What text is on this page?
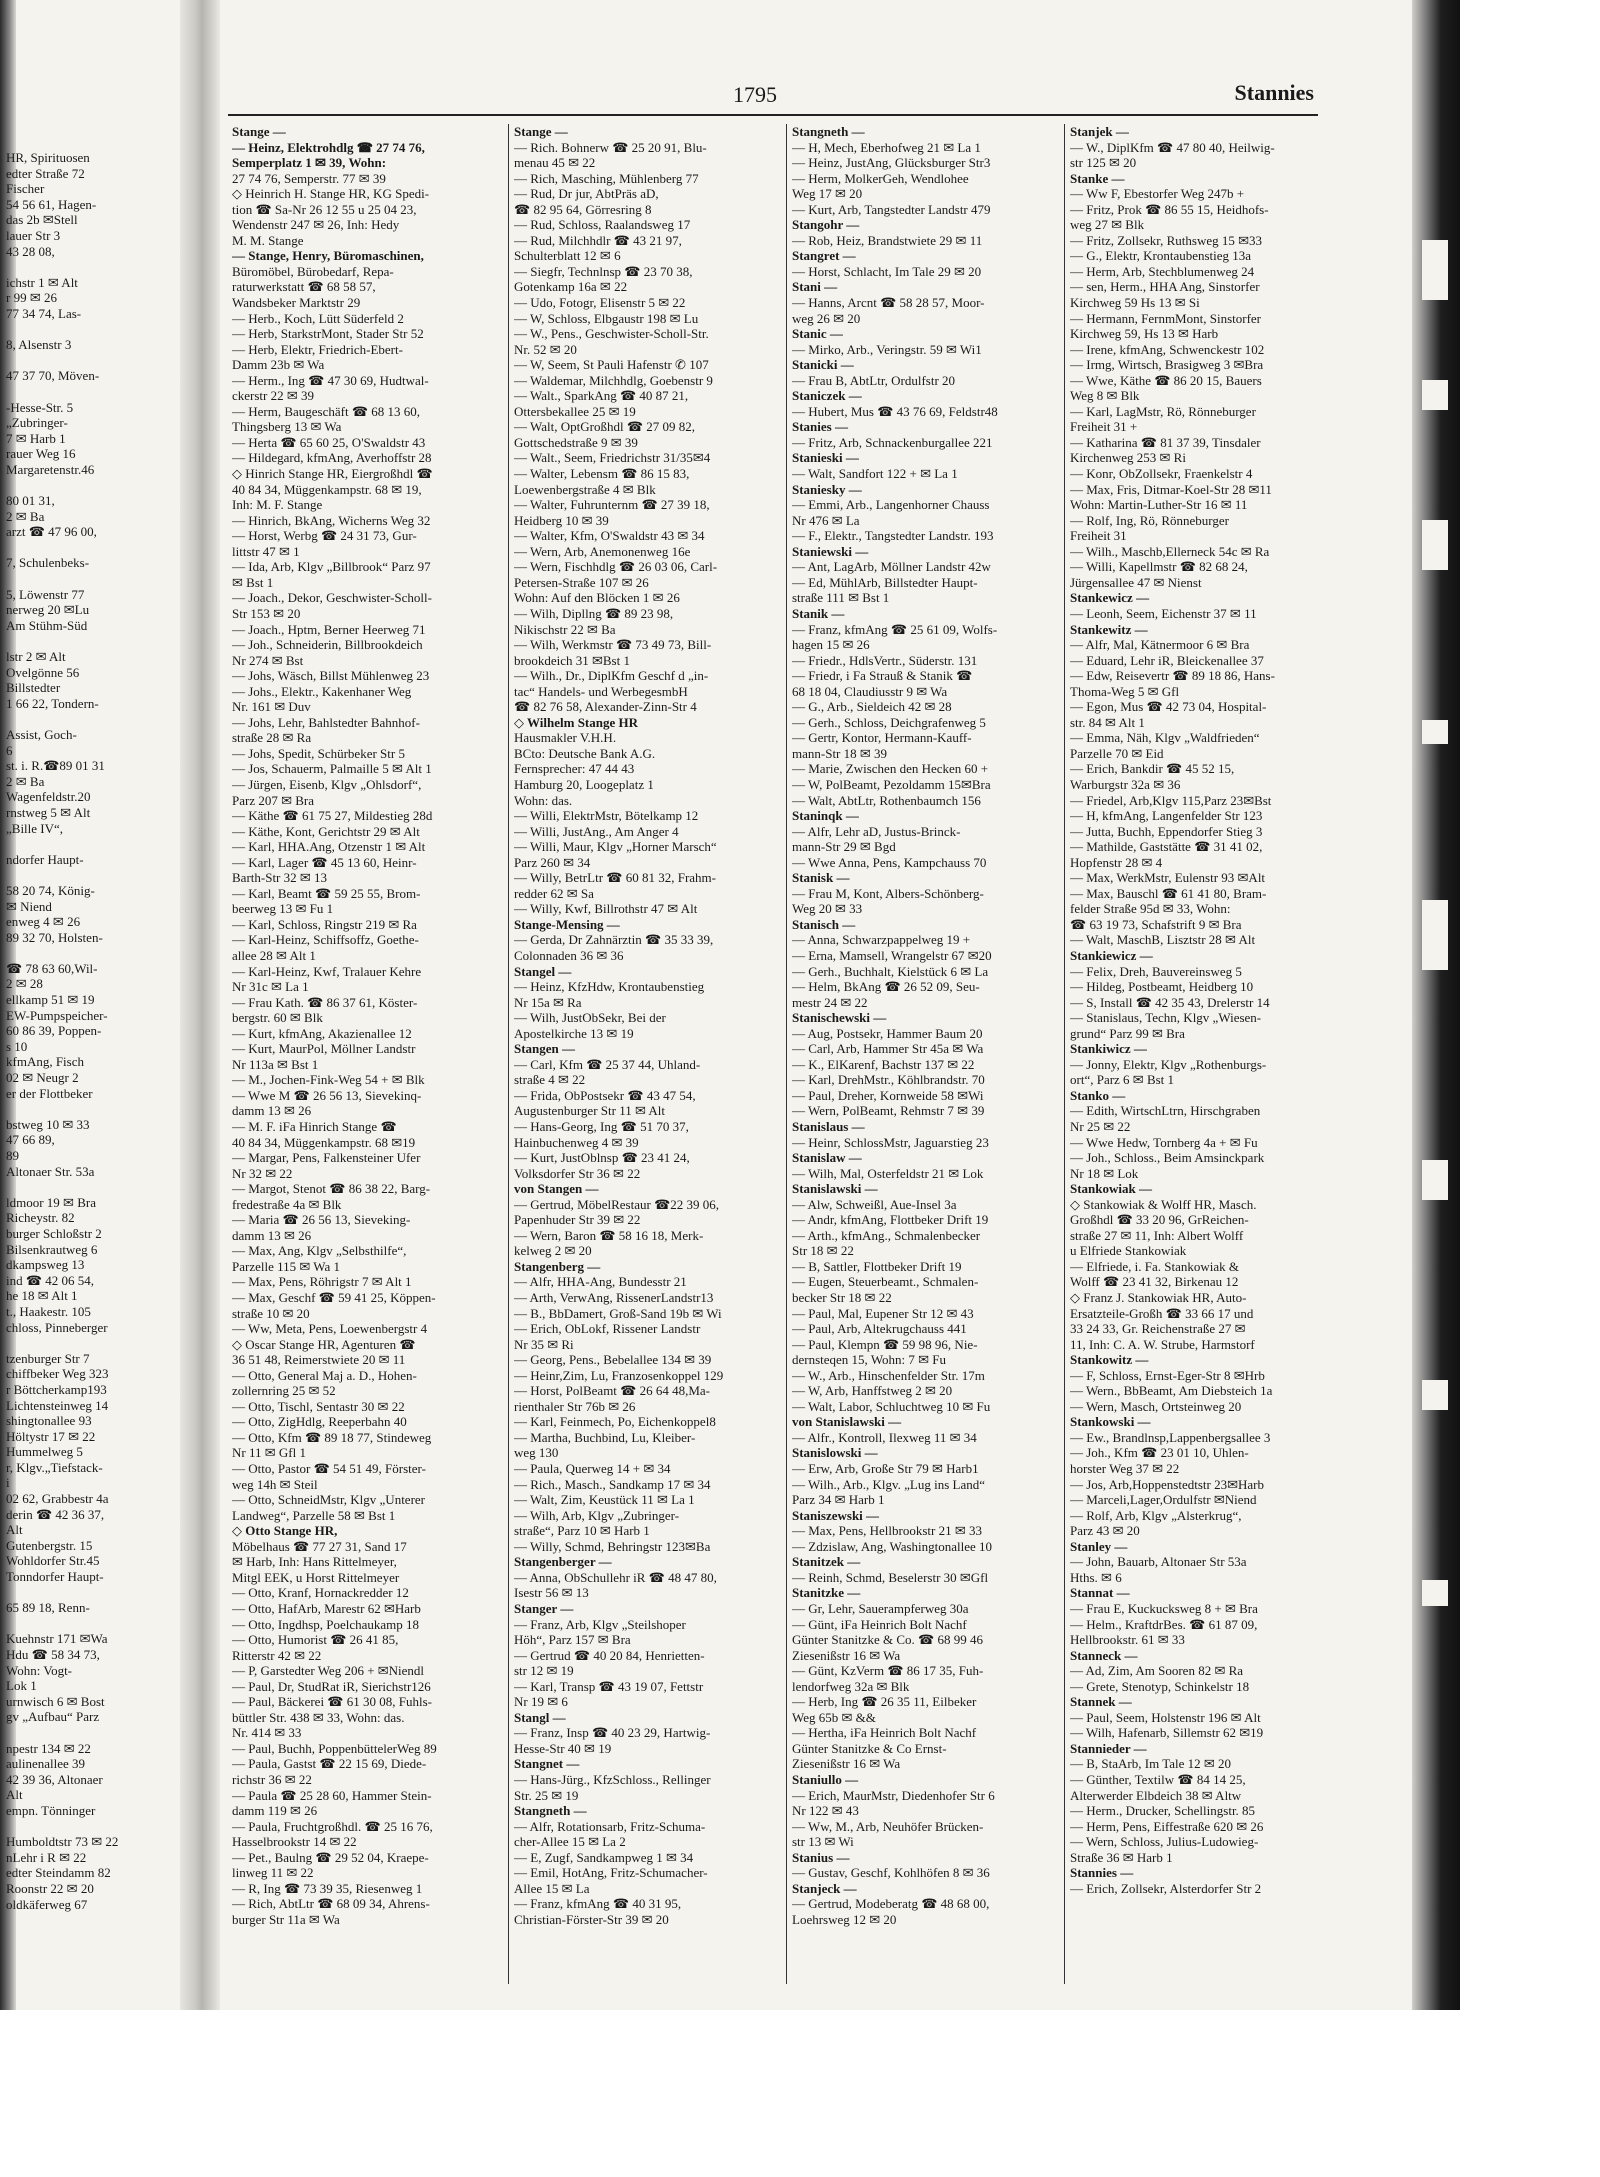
HR, Spirituosen
edter Straße 72
Fischer
54 56 61, Hagen-
das 2b ✉Stell
lauer Str 3
43 28 08,

ichstr 1 ✉ Alt
r 99 ✉ 26
77 34 74, Las-

8, Alsenstr 3

47 37 70, Möven-

-Hesse-Str. 5
„Zubringer-
7 ✉ Harb 1
rauer Weg 16
Margaretenstr.46

80 01 31,
2 ✉ Ba
arzt ☎ 47 96 00,

7, Schulenbeks-

5, Löwenstr 77
nerweg 20 ✉Lu
Am Stühm-Süd

lstr 2 ✉ Alt
Ovelgönne 56
Billstedter
1 66 22, Tondern-

Assist, Goch-
6
st. i. R.☎89 01 31
2 ✉ Ba
Wagenfeldstr.20
rnstweg 5 ✉ Alt
„Bille IV“,

ndorfer Haupt-

58 20 74, König-
✉ Niend
enweg 4 ✉ 26
89 32 70, Holsten-

☎ 78 63 60,Wil-
2 ✉ 28
ellkamp 51 ✉ 19
EW-Pumpspeicher-
60 86 39, Poppen-
s 10
kfmAng, Fisch
02 ✉ Neugr 2
er der Flottbeker

bstweg 10 ✉ 33
47 66 89,
89
Altonaer Str. 53a

ldmoor 19 ✉ Bra
Richeystr. 82
burger Schloßstr 2
Bilsenkrautweg 6
dkampsweg 13
ind ☎ 42 06 54,
he 18 ✉ Alt 1
t., Haakestr. 105
chloss, Pinneberger

tzenburger Str 7
chiffbeker Weg 323
r Böttcherkamp193
Lichtensteinweg 14
shingtonallee 93
Höltystr 17 ✉ 22
Hummelweg 5
r, Klgv.„Tiefstack-
i
02 62, Grabbestr 4a
derin ☎ 42 36 37,
Alt
Gutenbergstr. 15
Wohldorfer Str.45
Tonndorfer Haupt-

65 89 18, Renn-

Kuehnstr 171 ✉Wa
Hdu ☎ 58 34 73,
Wohn: Vogt-
Lok 1
urnwisch 6 ✉ Bost
gv „Aufbau“ Parz

npestr 134 ✉ 22
aulinenallee 39
42 39 36, Altonaer
Alt
empn. Tönninger

Humboldtstr 73 ✉ 22
nLehr i R ✉ 22
edter Steindamm 82
Roonstr 22 ✉ 20
oldkäferweg 67
1795	Stannies
Stange —
— Heinz, Elektrohdlg ☎ 27 74 76,
Semperplatz 1 ✉ 39, Wohn:
27 74 76, Semperstr. 77 ✉ 39
◇ Heinrich H. Stange HR, KG Spedi-
tion ☎ Sa-Nr 26 12 55 u 25 04 23,
Wendenstr 247 ✉ 26, Inh: Hedy
M. M. Stange
— Stange, Henry, Büromaschinen,
Büromöbel, Bürobedarf, Repa-
raturwerkstatt ☎ 68 58 57,
Wandsbeker Marktstr 29
— Herb., Koch, Lütt Süderfeld 2
— Herb, StarkstrMont, Stader Str 52
— Herb, Elektr, Friedrich-Ebert-
Damm 23b ✉ Wa
— Herm., Ing ☎ 47 30 69, Hudtwal-
ckerstr 22 ✉ 39
— Herm, Baugeschäft ☎ 68 13 60,
Thingsberg 13 ✉ Wa
— Herta ☎ 65 60 25, O'Swaldstr 43
— Hildegard, kfmAng, Averhoffstr 28
◇ Hinrich Stange HR, Eiergroßhdl ☎
40 84 34, Müggenkampstr. 68 ✉ 19,
Inh: M. F. Stange
— Hinrich, BkAng, Wicherns Weg 32
— Horst, Werbg ☎ 24 31 73, Gur-
littstr 47 ✉ 1
— Ida, Arb, Klgv „Billbrook“ Parz 97
✉ Bst 1
— Joach., Dekor, Geschwister-Scholl-
Str 153 ✉ 20
— Joach., Hptm, Berner Heerweg 71
— Joh., Schneiderin, Billbrookdeich
Nr 274 ✉ Bst
— Johs, Wäsch, Billst Mühlenweg 23
— Johs., Elektr., Kakenhaner Weg
Nr. 161 ✉ Duv
— Johs, Lehr, Bahlstedter Bahnhof-
straße 28 ✉ Ra
— Johs, Spedit, Schürbeker Str 5
— Jos, Schauerm, Palmaille 5 ✉ Alt 1
— Jürgen, Eisenb, Klgv „Ohlsdorf“,
Parz 207 ✉ Bra
— Käthe ☎ 61 75 27, Mildestieg 28d
— Käthe, Kont, Gerichtstr 29 ✉ Alt
— Karl, HHA.Ang, Otzenstr 1 ✉ Alt
— Karl, Lager ☎ 45 13 60, Heinr-
Barth-Str 32 ✉ 13
— Karl, Beamt ☎ 59 25 55, Brom-
beerweg 13 ✉ Fu 1
— Karl, Schloss, Ringstr 219 ✉ Ra
— Karl-Heinz, Schiffsoffz, Goethe-
allee 28 ✉ Alt 1
— Karl-Heinz, Kwf, Tralauer Kehre
Nr 31c ✉ La 1
— Frau Kath. ☎ 86 37 61, Köster-
bergstr. 60 ✉ Blk
— Kurt, kfmAng, Akazienallee 12
— Kurt, MaurPol, Möllner Landstr
Nr 113a ✉ Bst 1
— M., Jochen-Fink-Weg 54 + ✉ Blk
— Wwe M ☎ 26 56 13, Sievekinq-
damm 13 ✉ 26
— M. F. iFa Hinrich Stange ☎
40 84 34, Müggenkampstr. 68 ✉19
— Margar, Pens, Falkensteiner Ufer
Nr 32 ✉ 22
— Margot, Stenot ☎ 86 38 22, Barg-
fredestraße 4a ✉ Blk
— Maria ☎ 26 56 13, Sieveking-
damm 13 ✉ 26
— Max, Ang, Klgv „Selbsthilfe“,
Parzelle 115 ✉ Wa 1
— Max, Pens, Röhrigstr 7 ✉ Alt 1
— Max, Geschf ☎ 59 41 25, Köppen-
straße 10 ✉ 20
— Ww, Meta, Pens, Loewenbergstr 4
◇ Oscar Stange HR, Agenturen ☎
36 51 48, Reimerstwiete 20 ✉ 11
— Otto, General Maj a. D., Hohen-
zollernring 25 ✉ 52
— Otto, Tischl, Sentastr 30 ✉ 22
— Otto, ZigHdlg, Reeperbahn 40
— Otto, Kfm ☎ 89 18 77, Stindeweg
Nr 11 ✉ Gfl 1
— Otto, Pastor ☎ 54 51 49, Förster-
weg 14h ✉ Steil
— Otto, SchneidMstr, Klgv „Unterer
Landweg“, Parzelle 58 ✉ Bst 1
◇ Otto Stange HR,
Möbelhaus ☎ 77 27 31, Sand 17
✉ Harb, Inh: Hans Rittelmeyer,
Mitgl EEK, u Horst Rittelmeyer
— Otto, Kranf, Hornackredder 12
— Otto, HafArb, Marestr 62 ✉Harb
— Otto, Ingdhsp, Poelchaukamp 18
— Otto, Humorist ☎ 26 41 85,
Ritterstr 42 ✉ 22
— P, Garstedter Weg 206 + ✉Niendl
— Paul, Dr, StudRat iR, Sierichstr126
— Paul, Bäckerei ☎ 61 30 08, Fuhls-
büttler Str. 438 ✉ 33, Wohn: das.
Nr. 414 ✉ 33
— Paul, Buchh, PoppenbüttelerWeg 89
— Paula, Gastst ☎ 22 15 69, Diede-
richstr 36 ✉ 22
— Paula ☎ 25 28 60, Hammer Stein-
damm 119 ✉ 26
— Paula, Fruchtgroßhdl. ☎ 25 16 76,
Hasselbrookstr 14 ✉ 22
— Pet., Baulng ☎ 29 52 04, Kraepe-
linweg 11 ✉ 22
— R, Ing ☎ 73 39 35, Riesenweg 1
— Rich, AbtLtr ☎ 68 09 34, Ahrens-
burger Str 11a ✉ Wa
Stange —
— Rich. Bohnerw ☎ 25 20 91, Blu-
menau 45 ✉ 22
— Rich, Masching, Mühlenberg 77
— Rud, Dr jur, AbtPräs aD,
☎ 82 95 64, Görresring 8
— Rud, Schloss, Raalandsweg 17
— Rud, Milchhdlr ☎ 43 21 97,
Schulterblatt 12 ✉ 6
— Siegfr, Technlnsp ☎ 23 70 38,
Gotenkamp 16a ✉ 22
— Udo, Fotogr, Elisenstr 5 ✉ 22
— W, Schloss, Elbgaustr 198 ✉ Lu
— W., Pens., Geschwister-Scholl-Str.
Nr. 52 ✉ 20
— W, Seem, St Pauli Hafenstr ✆ 107
— Waldemar, Milchhdlg, Goebenstr 9
— Walt., SparkAng ☎ 40 87 21,
Ottersbekallee 25 ✉ 19
— Walt, OptGroßhdl ☎ 27 09 82,
Gottschedstraße 9 ✉ 39
— Walt., Seem, Friedrichstr 31/35✉4
— Walter, Lebensm ☎ 86 15 83,
Loewenbergstraße 4 ✉ Blk
— Walter, Fuhrunternm ☎ 27 39 18,
Heidberg 10 ✉ 39
— Walter, Kfm, O'Swaldstr 43 ✉ 34
— Wern, Arb, Anemonenweg 16e
— Wern, Fischhdlg ☎ 26 03 06, Carl-
Petersen-Straße 107 ✉ 26
Wohn: Auf den Blöcken 1 ✉ 26
— Wilh, Dipllng ☎ 89 23 98,
Nikischstr 22 ✉ Ba
— Wilh, Werkmstr ☎ 73 49 73, Bill-
brookdeich 31 ✉Bst 1
— Wilh., Dr., DiplKfm Geschf d „in-
tac“ Handels- und WerbegesmbH
☎ 82 76 58, Alexander-Zinn-Str 4
◇ Wilhelm Stange HR
Hausmakler V.H.H.
BCto: Deutsche Bank A.G.
Fernsprecher: 47 44 43
Hamburg 20, Loogeplatz 1
Wohn: das.
— Willi, ElektrMstr, Bötelkamp 12
— Willi, JustAng., Am Anger 4
— Willi, Maur, Klgv „Horner Marsch“
Parz 260 ✉ 34
— Willy, BetrLtr ☎ 60 81 32, Frahm-
redder 62 ✉ Sa
— Willy, Kwf, Billrothstr 47 ✉ Alt
Stange-Mensing —
— Gerda, Dr Zahnärztin ☎ 35 33 39,
Colonnaden 36 ✉ 36
Stangel —
— Heinz, KfzHdw, Krontaubenstieg
Nr 15a ✉ Ra
— Wilh, JustObSekr, Bei der
Apostelkirche 13 ✉ 19
Stangen —
— Carl, Kfm ☎ 25 37 44, Uhland-
straße 4 ✉ 22
— Frida, ObPostsekr ☎ 43 47 54,
Augustenburger Str 11 ✉ Alt
— Hans-Georg, Ing ☎ 51 70 37,
Hainbuchenweg 4 ✉ 39
— Kurt, JustOblnsp ☎ 23 41 24,
Volksdorfer Str 36 ✉ 22
von Stangen —
— Gertrud, MöbelRestaur ☎22 39 06,
Papenhuder Str 39 ✉ 22
— Wern, Baron ☎ 58 16 18, Merk-
kelweg 2 ✉ 20
Stangenberg —
— Alfr, HHA-Ang, Bundesstr 21
— Arth, VerwAng, RissenerLandstr13
— B., BbDamert, Groß-Sand 19b ✉ Wi
— Erich, ObLokf, Rissener Landstr
Nr 35 ✉ Ri
— Georg, Pens., Bebelallee 134 ✉ 39
— Heinr,Zim, Lu, Franzosenkoppel 129
— Horst, PolBeamt ☎ 26 64 48,Ma-
rienthaler Str 76b ✉ 26
— Karl, Feinmech, Po, Eichenkoppel8
— Martha, Buchbind, Lu, Kleiber-
weg 130
— Paula, Querweg 14 + ✉ 34
— Rich., Masch., Sandkamp 17 ✉ 34
— Walt, Zim, Keustück 11 ✉ La 1
— Wilh, Arb, Klgv „Zubringer-
straße“, Parz 10 ✉ Harb 1
— Willy, Schmd, Behringstr 123✉Ba
Stangenberger —
— Anna, ObSchullehr iR ☎ 48 47 80,
Isestr 56 ✉ 13
Stanger —
— Franz, Arb, Klgv „Steilshoper
Höh“, Parz 157 ✉ Bra
— Gertrud ☎ 40 20 84, Henrietten-
str 12 ✉ 19
— Karl, Transp ☎ 43 19 07, Fettstr
Nr 19 ✉ 6
Stangl —
— Franz, Insp ☎ 40 23 29, Hartwig-
Hesse-Str 40 ✉ 19
Stangnet —
— Hans-Jürg., KfzSchloss., Rellinger
Str. 25 ✉ 19
Stangneth —
— Alfr, Rotationsarb, Fritz-Schuma-
cher-Allee 15 ✉ La 2
— E, Zugf, Sandkampweg 1 ✉ 34
— Emil, HotAng, Fritz-Schumacher-
Allee 15 ✉ La
— Franz, kfmAng ☎ 40 31 95,
Christian-Förster-Str 39 ✉ 20
Stangneth —
— H, Mech, Eberhofweg 21 ✉ La 1
— Heinz, JustAng, Glücksburger Str3
— Herm, MolkerGeh, Wendlohee
Weg 17 ✉ 20
— Kurt, Arb, Tangstedter Landstr 479
Stangohr —
— Rob, Heiz, Brandstwiete 29 ✉ 11
Stangret —
— Horst, Schlacht, Im Tale 29 ✉ 20
Stani —
— Hanns, Arcnt ☎ 58 28 57, Moor-
weg 26 ✉ 20
Stanic —
— Mirko, Arb., Veringstr. 59 ✉ Wi1
Stanicki —
— Frau B, AbtLtr, Ordulfstr 20
Staniczek —
— Hubert, Mus ☎ 43 76 69, Feldstr48
Stanies —
— Fritz, Arb, Schnackenburgallee 221
Stanieski —
— Walt, Sandfort 122 + ✉ La 1
Staniesky —
— Emmi, Arb., Langenhorner Chauss
Nr 476 ✉ La
— F., Elektr., Tangstedter Landstr. 193
Staniewski —
— Ant, LagArb, Möllner Landstr 42w
— Ed, MühlArb, Billstedter Haupt-
straße 111 ✉ Bst 1
Stanik —
— Franz, kfmAng ☎ 25 61 09, Wolfs-
hagen 15 ✉ 26
— Friedr., HdlsVertr., Süderstr. 131
— Friedr, i Fa Strauß & Stanik ☎
68 18 04, Claudiusstr 9 ✉ Wa
— G., Arb., Sieldeich 42 ✉ 28
— Gerh., Schloss, Deichgrafenweg 5
— Gertr, Kontor, Hermann-Kauff-
mann-Str 18 ✉ 39
— Marie, Zwischen den Hecken 60 +
— W, PolBeamt, Pezoldamm 15✉Bra
— Walt, AbtLtr, Rothenbaumch 156
Staninqk —
— Alfr, Lehr aD, Justus-Brinck-
mann-Str 29 ✉ Bgd
— Wwe Anna, Pens, Kampchauss 70
Stanisk —
— Frau M, Kont, Albers-Schönberg-
Weg 20 ✉ 33
Stanisch —
— Anna, Schwarzpappelweg 19 +
— Erna, Mamsell, Wrangelstr 67 ✉20
— Gerh., Buchhalt, Kielstück 6 ✉ La
— Helm, BkAng ☎ 26 52 09, Seu-
mestr 24 ✉ 22
Stanischewski —
— Aug, Postsekr, Hammer Baum 20
— Carl, Arb, Hammer Str 45a ✉ Wa
— K., ElKarenf, Bachstr 137 ✉ 22
— Karl, DrehMstr., Köhlbrandstr. 70
— Paul, Dreher, Kornweide 58 ✉Wi
— Wern, PolBeamt, Rehmstr 7 ✉ 39
Stanislaus —
— Heinr, SchlossMstr, Jaguarstieg 23
Stanislaw —
— Wilh, Mal, Osterfeldstr 21 ✉ Lok
Stanislawski —
— Alw, Schweißl, Aue-Insel 3a
— Andr, kfmAng, Flottbeker Drift 19
— Arth., kfmAng., Schmalenbecker
Str 18 ✉ 22
— B, Sattler, Flottbeker Drift 19
— Eugen, Steuerbeamt., Schmalen-
becker Str 18 ✉ 22
— Paul, Mal, Eupener Str 12 ✉ 43
— Paul, Arb, Altekrugchauss 441
— Paul, Klempn ☎ 59 98 96, Nie-
dernsteqen 15, Wohn: 7 ✉ Fu
— W., Arb., Hinschenfelder Str. 17m
— W, Arb, Hanffstweg 2 ✉ 20
— Walt, Labor, Schluchtweg 10 ✉ Fu
von Stanislawski —
— Alfr., Kontroll, Ilexweg 11 ✉ 34
Stanislowski —
— Erw, Arb, Große Str 79 ✉ Harb1
— Wilh., Arb., Klgv. „Lug ins Land“
Parz 34 ✉ Harb 1
Staniszewski —
— Max, Pens, Hellbrookstr 21 ✉ 33
— Zdzislaw, Ang, Washingtonallee 10
Stanitzek —
— Reinh, Schmd, Beselerstr 30 ✉Gfl
Stanitzke —
— Gr, Lehr, Sauerampferweg 30a
— Günt, iFa Heinrich Bolt Nachf
Günter Stanitzke & Co. ☎ 68 99 46
Ziesenißstr 16 ✉ Wa
— Günt, KzVerm ☎ 86 17 35, Fuh-
lendorfweg 32a ✉ Blk
— Herb, Ing ☎ 26 35 11, Eilbeker
Weg 65b ✉ &&
— Hertha, iFa Heinrich Bolt Nachf
Günter Stanitzke & Co Ernst-
Ziesenißstr 16 ✉ Wa
Staniullo —
— Erich, MaurMstr, Diedenhofer Str 6
Nr 122 ✉ 43
— Ww, M., Arb, Neuhöfer Brücken-
str 13 ✉ Wi
Stanius —
— Gustav, Geschf, Kohlhöfen 8 ✉ 36
Stanjeck —
— Gertrud, Modeberatg ☎ 48 68 00,
Loehrsweg 12 ✉ 20
Stanjek —
— W., DiplKfm ☎ 47 80 40, Heilwig-
str 125 ✉ 20
Stanke —
— Ww F, Ebestorfer Weg 247b +
— Fritz, Prok ☎ 86 55 15, Heidhofs-
weg 27 ✉ Blk
— Fritz, Zollsekr, Ruthsweg 15 ✉33
— G., Elektr, Krontaubenstieg 13a
— Herm, Arb, Stechblumenweg 24
— sen, Herm., HHA Ang, Sinstorfer
Kirchweg 59 Hs 13 ✉ Si
— Hermann, FernmMont, Sinstorfer
Kirchweg 59, Hs 13 ✉ Harb
— Irene, kfmAng, Schwenckestr 102
— Irmg, Wirtsch, Brasigweg 3 ✉Bra
— Wwe, Käthe ☎ 86 20 15, Bauers
Weg 8 ✉ Blk
— Karl, LagMstr, Rö, Rönneburger
Freiheit 31 +
— Katharina ☎ 81 37 39, Tinsdaler
Kirchenweg 253 ✉ Ri
— Konr, ObZollsekr, Fraenkelstr 4
— Max, Fris, Ditmar-Koel-Str 28 ✉11
Wohn: Martin-Luther-Str 16 ✉ 11
— Rolf, Ing, Rö, Rönneburger
Freiheit 31
— Wilh., Maschb,Ellerneck 54c ✉ Ra
— Willi, Kapellmstr ☎ 82 68 24,
Jürgensallee 47 ✉ Nienst
Stankewicz —
— Leonh, Seem, Eichenstr 37 ✉ 11
Stankewitz —
— Alfr, Mal, Kätnermoor 6 ✉ Bra
— Eduard, Lehr iR, Bleickenallee 37
— Edw, Reisevertr ☎ 89 18 86, Hans-
Thoma-Weg 5 ✉ Gfl
— Egon, Mus ☎ 42 73 04, Hospital-
str. 84 ✉ Alt 1
— Emma, Näh, Klgv „Waldfrieden“
Parzelle 70 ✉ Eid
— Erich, Bankdir ☎ 45 52 15,
Warburgstr 32a ✉ 36
— Friedel, Arb,Klgv 115,Parz 23✉Bst
— H, kfmAng, Langenfelder Str 123
— Jutta, Buchh, Eppendorfer Stieg 3
— Mathilde, Gaststätte ☎ 31 41 02,
Hopfenstr 28 ✉ 4
— Max, WerkMstr, Eulenstr 93 ✉Alt
— Max, Bauschl ☎ 61 41 80, Bram-
felder Straße 95d ✉ 33, Wohn:
☎ 63 19 73, Schafstrift 9 ✉ Bra
— Walt, MaschB, Lisztstr 28 ✉ Alt
Stankiewicz —
— Felix, Dreh, Bauvereinsweg 5
— Hildeg, Postbeamt, Heidberg 10
— S, Install ☎ 42 35 43, Drelerstr 14
— Stanislaus, Techn, Klgv „Wiesen-
grund“ Parz 99 ✉ Bra
Stankiwicz —
— Jonny, Elektr, Klgv „Rothenburgs-
ort“, Parz 6 ✉ Bst 1
Stanko —
— Edith, WirtschLtrn, Hirschgraben
Nr 25 ✉ 22
— Wwe Hedw, Tornberg 4a + ✉ Fu
— Joh., Schloss., Beim Amsinckpark
Nr 18 ✉ Lok
Stankowiak —
◇ Stankowiak & Wolff HR, Masch.
Großhdl ☎ 33 20 96, GrReichen-
straße 27 ✉ 11, Inh: Albert Wolff
u Elfriede Stankowiak
— Elfriede, i. Fa. Stankowiak &
Wolff ☎ 23 41 32, Birkenau 12
◇ Franz J. Stankowiak HR, Auto-
Ersatzteile-Großh ☎ 33 66 17 und
33 24 33, Gr. Reichenstraße 27 ✉
11, Inh: C. A. W. Strube, Harmstorf
Stankowitz —
— F, Schloss, Ernst-Eger-Str 8 ✉Hrb
— Wern., BbBeamt, Am Diebsteich 1a
— Wern, Masch, Ortsteinweg 20
Stankowski —
— Ew., Brandlnsp,Lappenbergsallee 3
— Joh., Kfm ☎ 23 01 10, Uhlen-
horster Weg 37 ✉ 22
— Jos, Arb,Hoppenstedtstr 23✉Harb
— Marceli,Lager,Ordulfstr ✉Niend
— Rolf, Arb, Klgv „Alsterkrug“,
Parz 43 ✉ 20
Stanley —
— John, Bauarb, Altonaer Str 53a
Hths. ✉ 6
Stannat —
— Frau E, Kuckucksweg 8 + ✉ Bra
— Helm., KraftdrBes. ☎ 61 87 09,
Hellbrookstr. 61 ✉ 33
Stanneck —
— Ad, Zim, Am Sooren 82 ✉ Ra
— Grete, Stenotyp, Schinkelstr 18
Stannek —
— Paul, Seem, Holstenstr 196 ✉ Alt
— Wilh, Hafenarb, Sillemstr 62 ✉19
Stannieder —
— B, StaArb, Im Tale 12 ✉ 20
— Günther, Textilw ☎ 84 14 25,
Alterwerder Elbdeich 38 ✉ Altw
— Herm., Drucker, Schellingstr. 85
— Herm, Pens, Eiffestraße 620 ✉ 26
— Wern, Schloss, Julius-Ludowieg-
Straße 36 ✉ Harb 1
Stannies —
— Erich, Zollsekr, Alsterdorfer Str 2
